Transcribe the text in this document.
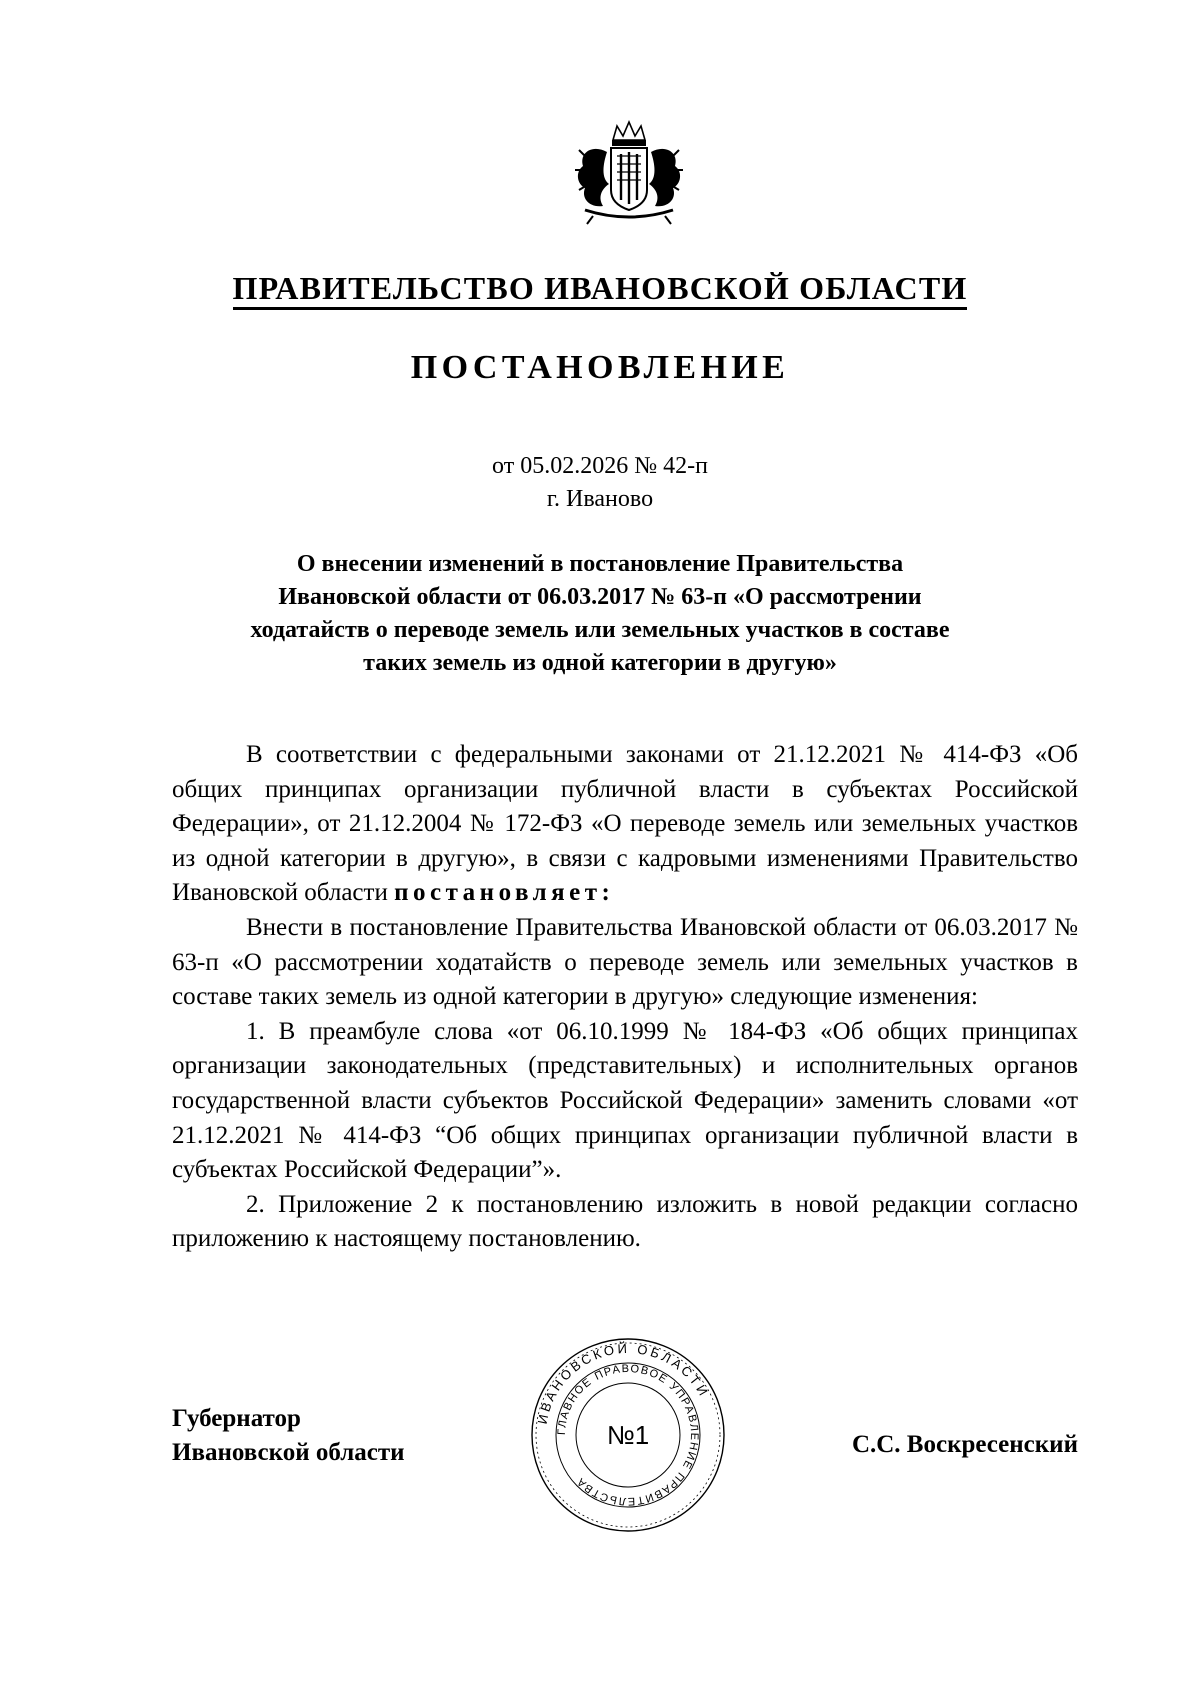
ПРАВИТЕЛЬСТВО ИВАНОВСКОЙ ОБЛАСТИ
ПОСТАНОВЛЕНИЕ
от 05.02.2026 № 42-п
г. Иваново
О внесении изменений в постановление Правительства
Ивановской области от 06.03.2017 № 63-п «О рассмотрении
ходатайств о переводе земель или земельных участков в составе
таких земель из одной категории в другую»

В соответствии с федеральными законами от 21.12.2021 № 414-ФЗ «Об общих принципах организации публичной власти в субъектах Российской Федерации», от 21.12.2004 № 172-ФЗ «О переводе земель или земельных участков из одной категории в другую», в связи с кадровыми изменениями Правительство Ивановской области постановляет:

Внести в постановление Правительства Ивановской области от 06.03.2017 № 63-п «О рассмотрении ходатайств о переводе земель или земельных участков в составе таких земель из одной категории в другую» следующие изменения:

1. В преамбуле слова «от 06.10.1999 № 184-ФЗ «Об общих принципах организации законодательных (представительных) и исполнительных органов государственной власти субъектов Российской Федерации» заменить словами «от 21.12.2021 № 414-ФЗ “Об общих принципах организации публичной власти в субъектах Российской Федерации”».

2. Приложение 2 к постановлению изложить в новой редакции согласно приложению к настоящему постановлению.

Губернатор
Ивановской области
ИВАНОВСКОЙ ОБЛАСТИ
ГЛАВНОЕ ПРАВОВОЕ УПРАВЛЕНИЕ ПРАВИТЕЛЬСТВА
№1	С.С. Воскресенский
